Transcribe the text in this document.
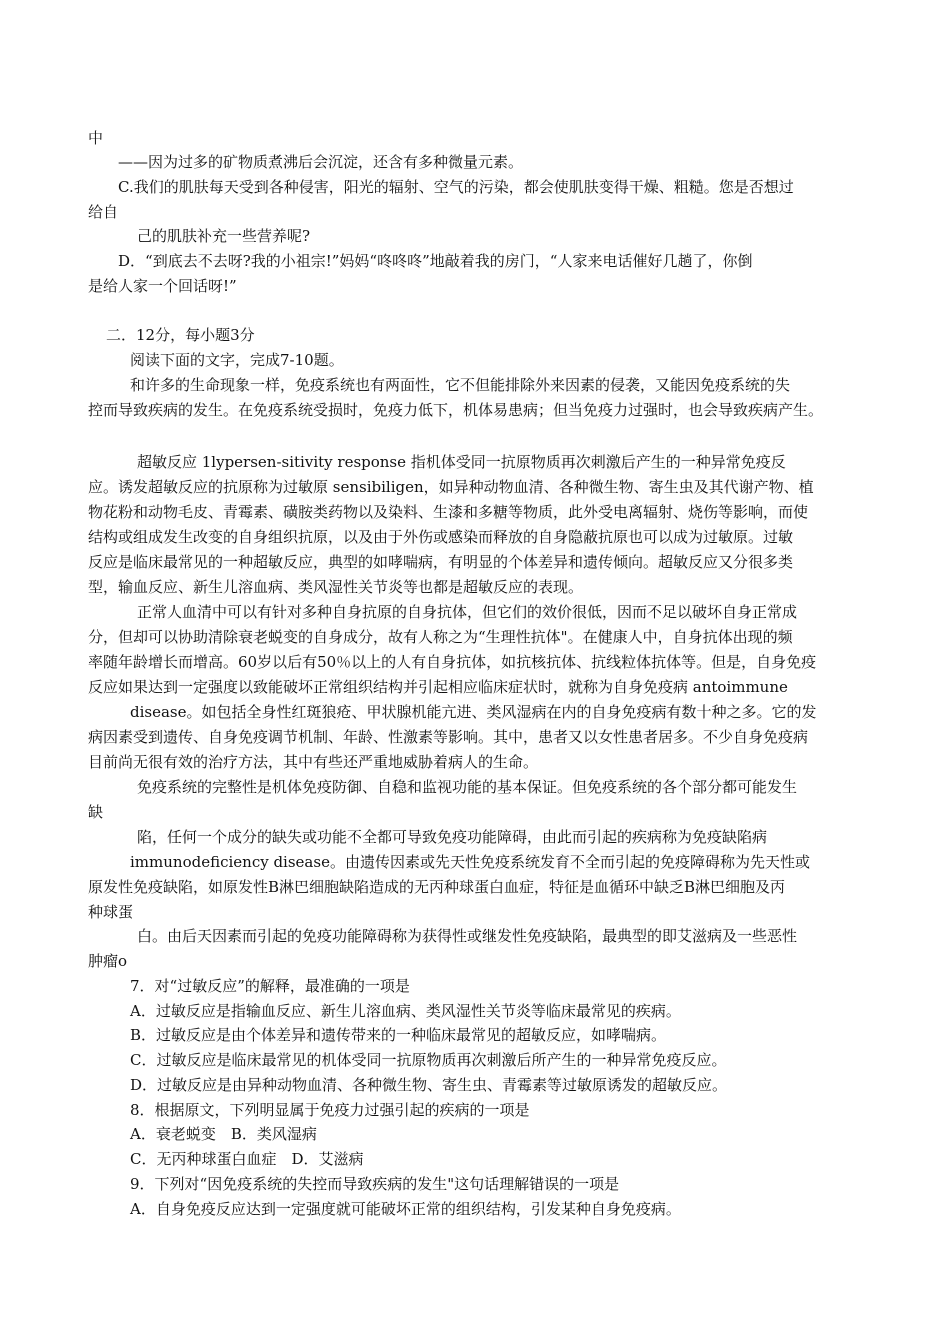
中
——因为过多的矿物质煮沸后会沉淀，还含有多种微量元素。
C.我们的肌肤每天受到各种侵害，阳光的辐射、空气的污染，都会使肌肤变得干燥、粗糙。您是否想过
给自
己的肌肤补充一些营养呢?
D．“到底去不去呀?我的小祖宗!”妈妈“咚咚咚”地敲着我的房门，“人家来电话催好几趟了，你倒
是给人家一个回话呀!”
二．12分，每小题3分
阅读下面的文字，完成7-10题。
和许多的生命现象一样，免疫系统也有两面性，它不但能排除外来因素的侵袭，又能因免疫系统的失
控而导致疾病的发生。在免疫系统受损时，免疫力低下，机体易患病；但当免疫力过强时，也会导致疾病产生。
超敏反应 1lypersen-sitivity response 指机体受同一抗原物质再次刺激后产生的一种异常免疫反
应。诱发超敏反应的抗原称为过敏原 sensibiligen，如异种动物血清、各种微生物、寄生虫及其代谢产物、植
物花粉和动物毛皮、青霉素、磺胺类药物以及染料、生漆和多糖等物质，此外受电离辐射、烧伤等影响，而使
结构或组成发生改变的自身组织抗原，以及由于外伤或感染而释放的自身隐蔽抗原也可以成为过敏原。过敏
反应是临床最常见的一种超敏反应，典型的如哮喘病，有明显的个体差异和遗传倾向。超敏反应又分很多类
型，输血反应、新生儿溶血病、类风湿性关节炎等也都是超敏反应的表现。
正常人血清中可以有针对多种自身抗原的自身抗体，但它们的效价很低，因而不足以破坏自身正常成
分，但却可以协助清除衰老蜕变的自身成分，故有人称之为“生理性抗体"。在健康人中，自身抗体出现的频
率随年龄增长而增高。60岁以后有50％以上的人有自身抗体，如抗核抗体、抗线粒体抗体等。但是，自身免疫
反应如果达到一定强度以致能破坏正常组织结构并引起相应临床症状时，就称为自身免疫病 antoimmune
disease。如包括全身性红斑狼疮、甲状腺机能亢进、类风湿病在内的自身免疫病有数十种之多。它的发
病因素受到遗传、自身免疫调节机制、年龄、性激素等影响。其中，患者又以女性患者居多。不少自身免疫病
目前尚无很有效的治疗方法，其中有些还严重地威胁着病人的生命。
免疫系统的完整性是机体免疫防御、自稳和监视功能的基本保证。但免疫系统的各个部分都可能发生
缺
陷，任何一个成分的缺失或功能不全都可导致免疫功能障碍，由此而引起的疾病称为免疫缺陷病
immunodeficiency disease。由遗传因素或先天性免疫系统发育不全而引起的免疫障碍称为先天性或
原发性免疫缺陷，如原发性B淋巴细胞缺陷造成的无丙种球蛋白血症，特征是血循环中缺乏B淋巴细胞及丙
种球蛋
白。由后天因素而引起的免疫功能障碍称为获得性或继发性免疫缺陷，最典型的即艾滋病及一些恶性
肿瘤o
7．对“过敏反应”的解释，最准确的一项是
A．过敏反应是指输血反应、新生儿溶血病、类风湿性关节炎等临床最常见的疾病。
B．过敏反应是由个体差异和遗传带来的一种临床最常见的超敏反应，如哮喘病。
C．过敏反应是临床最常见的机体受同一抗原物质再次刺激后所产生的一种异常免疫反应。
D．过敏反应是由异种动物血清、各种微生物、寄生虫、青霉素等过敏原诱发的超敏反应。
8．根据原文，下列明显属于免疫力过强引起的疾病的一项是
A．衰老蜕变　B．类风湿病
C．无丙种球蛋白血症　D．艾滋病
9．下列对“因免疫系统的失控而导致疾病的发生"这句话理解错误的一项是
A．自身免疫反应达到一定强度就可能破坏正常的组织结构，引发某种自身免疫病。
